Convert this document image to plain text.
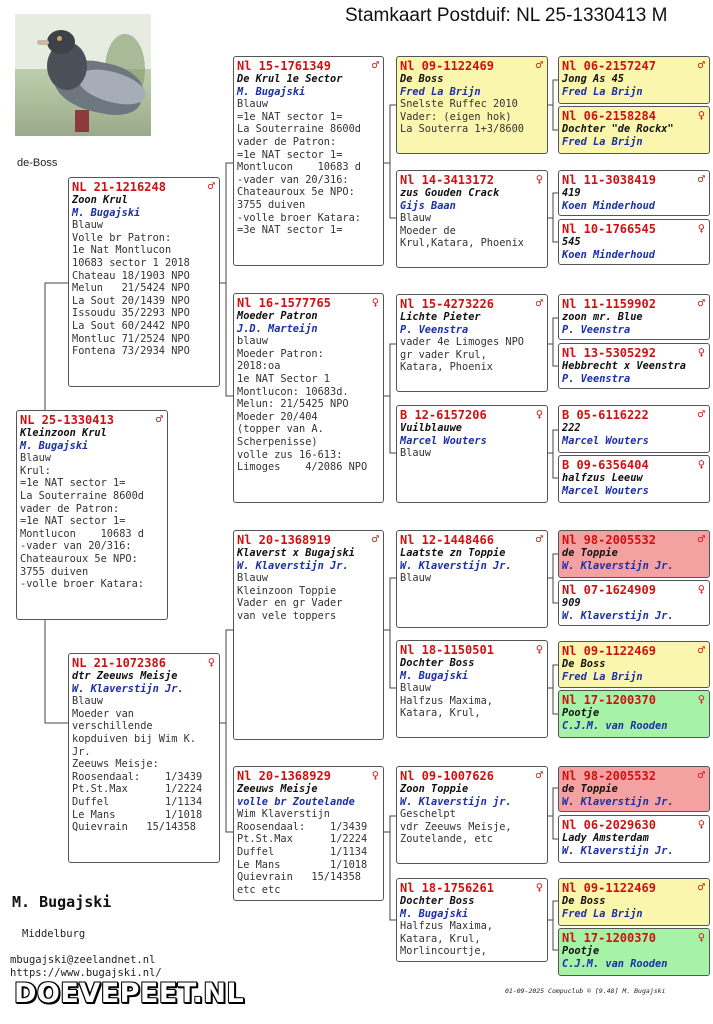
Stamkaart Postduif: NL 25-1330413 M
de-Boss
NL 25-1330413	♂
Kleinzoon Krul
M. Bugajski
Blauw
Krul:
=1e NAT sector 1=
La Souterraine 8600d
vader de Patron:
=1e NAT sector 1=
Montlucon    10683 d
-vader van 20/316:
Chateauroux 5e NPO:
3755 duiven
-volle broer Katara:
NL 21-1216248	♂
Zoon Krul
M. Bugajski
Blauw
Volle br Patron:
1e Nat Montlucon
10683 sector 1 2018
Chateau 18/1903 NPO
Melun   21/5424 NPO
La Sout 20/1439 NPO
Issoudu 35/2293 NPO
La Sout 60/2442 NPO
Montluc 71/2524 NPO
Fontena 73/2934 NPO
NL 21-1072386	♀
dtr Zeeuws Meisje
W. Klaverstijn Jr.
Blauw
Moeder van
verschillende
kopduiven bij Wim K.
Jr.
Zeeuws Meisje:
Roosendaal:    1/3439
Pt.St.Max      1/2224
Duffel         1/1134
Le Mans        1/1018
Quievrain   15/14358
Nl 15-1761349	♂
De Krul 1e Sector
M. Bugajski
Blauw
=1e NAT sector 1=
La Souterraine 8600d
vader de Patron:
=1e NAT sector 1=
Montlucon    10683 d
-vader van 20/316:
Chateauroux 5e NPO:
3755 duiven
-volle broer Katara:
=3e NAT sector 1=
Nl 16-1577765	♀
Moeder Patron
J.D. Marteijn
blauw
Moeder Patron:
2018:oa
1e NAT Sector 1
Montlucon: 10683d.
Melun: 21/5425 NPO
Moeder 20/404
(topper van A.
Scherpenisse)
volle zus 16-613:
Limoges    4/2086 NPO
Nl 20-1368919	♂
Klaverst x Bugajski
W. Klaverstijn Jr.
Blauw
Kleinzoon Toppie
Vader en gr Vader
van vele toppers
Nl 20-1368929	♀
Zeeuws Meisje
volle br Zoutelande
Wim Klaverstijn
Roosendaal:    1/3439
Pt.St.Max      1/2224
Duffel         1/1134
Le Mans        1/1018
Quievrain   15/14358
etc etc
Nl 09-1122469	♂
De Boss
Fred La Brijn
Snelste Ruffec 2010
Vader: (eigen hok)
La Souterra 1+3/8600
Nl 14-3413172	♀
zus Gouden Crack
Gijs Baan
Blauw
Moeder de
Krul,Katara, Phoenix
Nl 15-4273226	♂
Lichte Pieter
P. Veenstra
vader 4e Limoges NPO
gr vader Krul,
Katara, Phoenix
B 12-6157206	♀
Vuilblauwe
Marcel Wouters
Blauw
Nl 12-1448466	♂
Laatste zn Toppie
W. Klaverstijn Jr.
Blauw
Nl 18-1150501	♀
Dochter Boss
M. Bugajski
Blauw
Halfzus Maxima,
Katara, Krul,
Nl 09-1007626	♂
Zoon Toppie
W. Klaverstijn jr.
Geschelpt
vdr Zeeuws Meisje,
Zoutelande, etc
Nl 18-1756261	♀
Dochter Boss
M. Bugajski
Halfzus Maxima,
Katara, Krul,
Morlincourtje,
Nl 06-2157247	♂
Jong As 45
Fred La Brijn
Nl 06-2158284	♀
Dochter "de Rockx"
Fred La Brijn
Nl 11-3038419	♂
419
Koen Minderhoud
Nl 10-1766545	♀
545
Koen Minderhoud
Nl 11-1159902	♂
zoon mr. Blue
P. Veenstra
Nl 13-5305292	♀
Hebbrecht x Veenstra
P. Veenstra
B 05-6116222	♂
222
Marcel Wouters
B 09-6356404	♀
halfzus Leeuw
Marcel Wouters
Nl 98-2005532	♂
de Toppie
W. Klaverstijn Jr.
Nl 07-1624909	♀
909
W. Klaverstijn Jr.
Nl 09-1122469	♂
De Boss
Fred La Brijn
Nl 17-1200370	♀
Pootje
C.J.M. van Rooden
Nl 98-2005532	♂
de Toppie
W. Klaverstijn Jr.
Nl 06-2029630	♀
Lady Amsterdam
W. Klaverstijn Jr.
Nl 09-1122469	♂
De Boss
Fred La Brijn
Nl 17-1200370	♀
Pootje
C.J.M. van Rooden
M. Bugajski
Middelburg
mbugajski@zeelandnet.nl
https://www.bugajski.nl/
DOEVEPEET.NL	01-09-2025 Compuclub © [9.48] M. Bugajski
